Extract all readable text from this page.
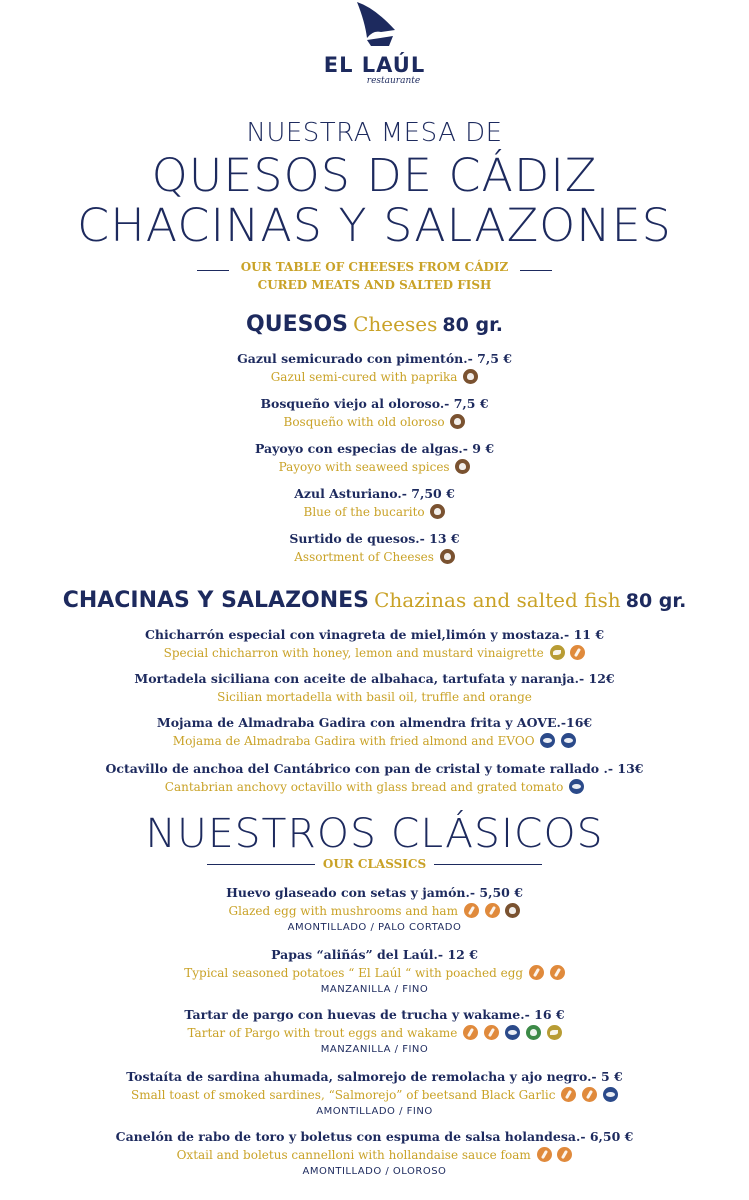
EL LAÚL
restaurante
NUESTRA MESA DE
QUESOS DE CÁDIZ
CHACINAS Y SALAZONES
OUR TABLE OF CHEESES FROM CÁDIZ
CURED MEATS AND SALTED FISH
QUESOS Cheeses 80 gr.
Gazul semicurado con pimentón.- 7,5 €
Gazul semi-cured with paprika
Bosqueño viejo al oloroso.- 7,5 €
Bosqueño with old oloroso
Payoyo con especias de algas.- 9 €
Payoyo with seaweed spices
Azul Asturiano.- 7,50 €
Blue of the bucarito
Surtido de quesos.- 13 €
Assortment of Cheeses
CHACINAS Y SALAZONES Chazinas and salted fish 80 gr.
Chicharrón especial con vinagreta de miel,limón y mostaza.- 11 €
Special chicharron with honey, lemon and mustard vinaigrette
Mortadela siciliana con aceite de albahaca, tartufata y naranja.- 12€
Sicilian mortadella with basil oil, truffle and orange
Mojama de Almadraba Gadira con almendra frita y AOVE.-16€
Mojama de Almadraba Gadira with fried almond and EVOO
Octavillo de anchoa del Cantábrico con pan de cristal y tomate rallado .- 13€
Cantabrian anchovy octavillo with glass bread and grated tomato
NUESTROS CLÁSICOS
OUR CLASSICS
Huevo glaseado con setas y jamón.- 5,50 €
Glazed egg with mushrooms and ham
AMONTILLADO / PALO CORTADO
Papas “aliñás” del Laúl.- 12 €
Typical seasoned potatoes “ El Laúl “ with poached egg
MANZANILLA / FINO
Tartar de pargo con huevas de trucha y wakame.- 16 €
Tartar of Pargo with trout eggs and wakame
MANZANILLA / FINO
Tostaíta de sardina ahumada, salmorejo de remolacha y ajo negro.- 5 €
Small toast of smoked sardines, “Salmorejo” of beetsand Black Garlic
AMONTILLADO / FINO
Canelón de rabo de toro y boletus con espuma de salsa holandesa.- 6,50 €
Oxtail and boletus cannelloni with hollandaise sauce foam
AMONTILLADO / OLOROSO
